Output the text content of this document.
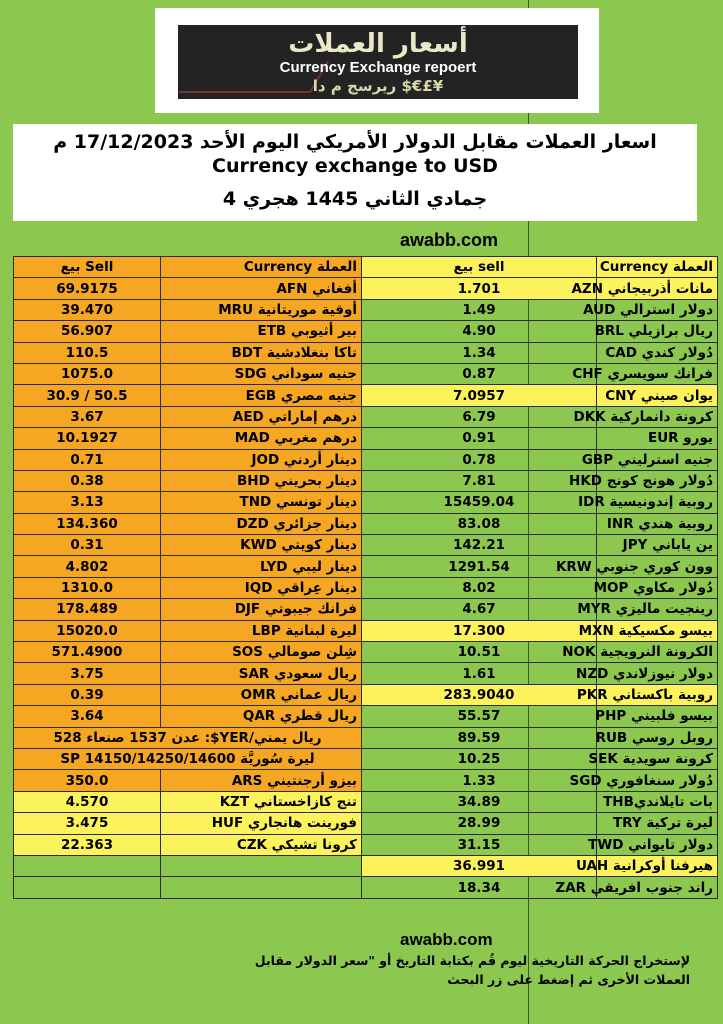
أسعار العملات
Currency Exchange repoert
ريرسج م دا $€£¥
اسعار العملات مقابل الدولار الأمريكي اليوم الأحد 17/12/2023 م Currency exchange to USD
4 جمادي الثاني 1445 هجري
awabb.com
بيع Sell	العملة Currency	بيع sell	العملة Currency
69.9175	أفغاني AFN	1.701	مانات أذربيجاني AZN
39.470	أوقية موريتانية MRU	1.49	دولار استرالي AUD
56.907	بير أثيوبي ETB	4.90	ريال برازيلي BRL
110.5	تاكا بنغلادشية BDT	1.34	دُولار كندي CAD
1075.0	جنيه سوداني SDG	0.87	فرانك سويسري CHF
30.9 / 50.5	جنيه مصري EGB	7.0957	يوان صيني CNY
3.67	درهم إماراتي AED	6.79	كرونة دانماركية DKK
10.1927	درهم مغربي MAD	0.91	يورو EUR
0.71	دينار أردني JOD	0.78	جنيه استرليني GBP
0.38	دينار بحريني BHD	7.81	دُولار هونج كونج HKD
3.13	دينار تونسي TND	15459.04	روبية إندونيسية IDR
134.360	دينار جزائري DZD	83.08	روبية هندي INR
0.31	دينار كويتي KWD	142.21	ين ياباني JPY
4.802	دينار ليبي LYD	1291.54	وون كوري جنوبي KRW
1310.0	دينار عِراقي IQD	8.02	دُولار مكاوي MOP
178.489	فرانك جيبوتي DJF	4.67	رينجيت ماليزي MYR
15020.0	ليرة لبنانية LBP	17.300	بيسو مكسيكية MXN
571.4900	شِلن صومالي SOS	10.51	الكرونة النرويجية NOK
3.75	ريال سعودي SAR	1.61	دولار نيوزلاندي NZD
0.39	ريال عماني OMR	283.9040	روبية باكستاني PKR
3.64	ريال قطري QAR	55.57	بيسو فلبيني PHP
ريال يمني/YER$: عدن 1537 صنعاء 528		89.59	روبل روسي RUB
ليرة سُوريَّة 14150/14250/14600 SP		10.25	كرونة سويدية SEK
350.0	بيزو أرجنتيني ARS	1.33	دُولار سنغافوري SGD
4.570	تنج كازاخستاني KZT	34.89	بات تايلانديTHB
3.475	فورينت هانجاري HUF	28.99	ليرة تركية TRY
22.363	كرونا تشيكي CZK	31.15	دولار تايواني TWD
		36.991	هيرفنا أوكرانية UAH
		18.34	راند جنوب افريقي ZAR
awabb.com
لإستخراج الحركة التاريخية ليوم قُم بكتابة التاريخ أو "سعر الدولار مقابل العملات الأخرى ثم إضغط على زر البحث
